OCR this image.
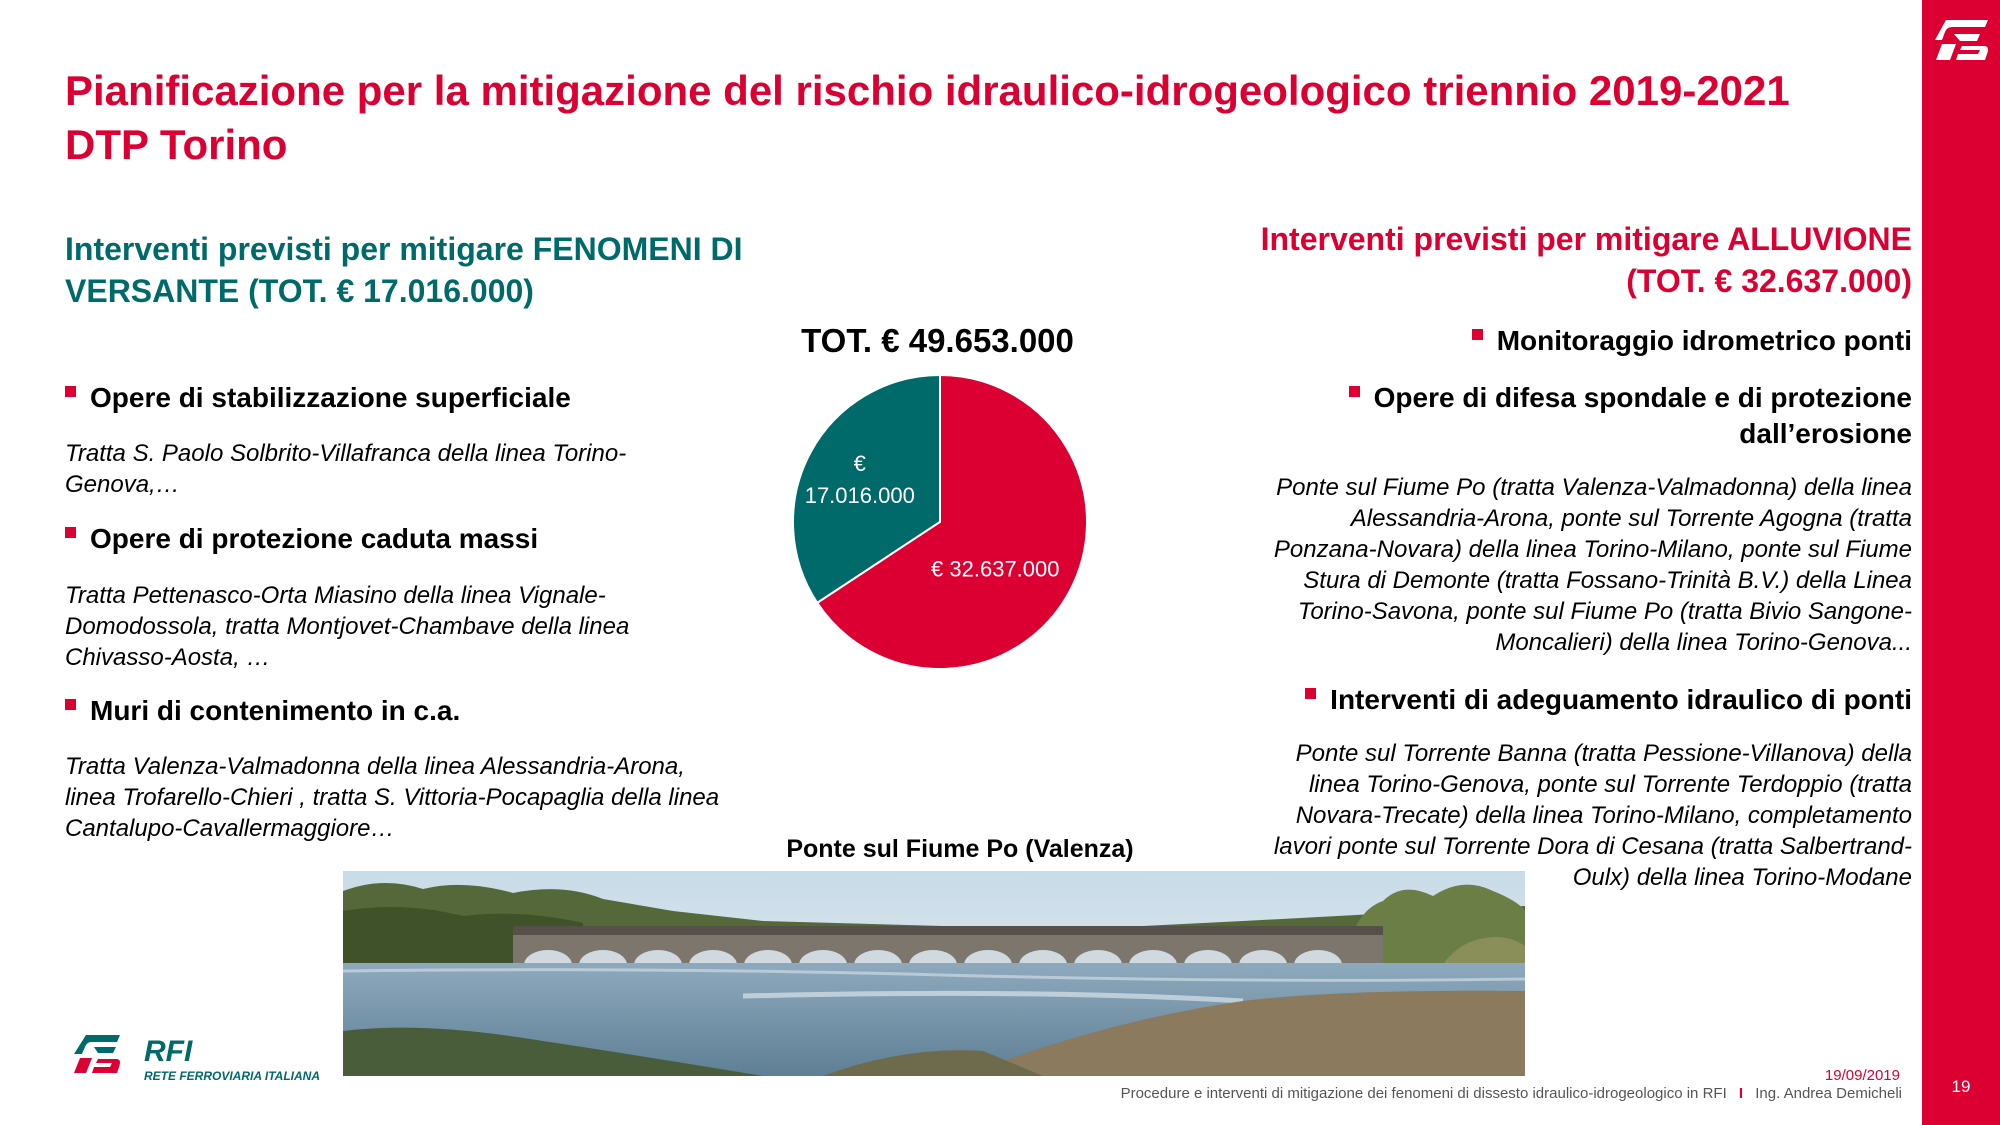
Pianificazione per la mitigazione del rischio idraulico-idrogeologico triennio 2019-2021
DTP Torino
Interventi previsti per mitigare FENOMENI DI
VERSANTE (TOT. € 17.016.000)
Opere di stabilizzazione superficiale
Tratta S. Paolo Solbrito-Villafranca della linea Torino-
Genova,…
Opere di protezione caduta massi
Tratta Pettenasco-Orta Miasino della linea Vignale-
Domodossola, tratta Montjovet-Chambave della linea
Chivasso-Aosta, …
Muri di contenimento in c.a.
Tratta Valenza-Valmadonna della linea Alessandria-Arona,
linea Trofarello-Chieri , tratta S. Vittoria-Pocapaglia della linea
Cantalupo-Cavallermaggiore…
TOT. € 49.653.000
€
17.016.000
€ 32.637.000
Interventi previsti per mitigare ALLUVIONE
(TOT. € 32.637.000)
Monitoraggio idrometrico ponti
Opere di difesa spondale e di protezione
dall’erosione
Ponte sul Fiume Po (tratta Valenza-Valmadonna) della linea
Alessandria-Arona, ponte sul Torrente Agogna (tratta
Ponzana-Novara) della linea Torino-Milano, ponte sul Fiume
Stura di Demonte (tratta Fossano-Trinità B.V.) della Linea
Torino-Savona, ponte sul Fiume Po (tratta Bivio Sangone-
Moncalieri) della linea Torino-Genova...
Interventi di adeguamento idraulico di ponti
Ponte sul Torrente Banna (tratta Pessione-Villanova) della
linea Torino-Genova, ponte sul Torrente Terdoppio (tratta
Novara-Trecate) della linea Torino-Milano, completamento
lavori ponte sul Torrente Dora di Cesana (tratta Salbertrand-
Oulx) della linea Torino-Modane
Ponte sul Fiume Po (Valenza)
RFI
RETE FERROVIARIA ITALIANA	19/09/2019
Procedure e interventi di mitigazione dei fenomeni di dissesto idraulico-idrogeologico in RFI I Ing. Andrea Demicheli	19
